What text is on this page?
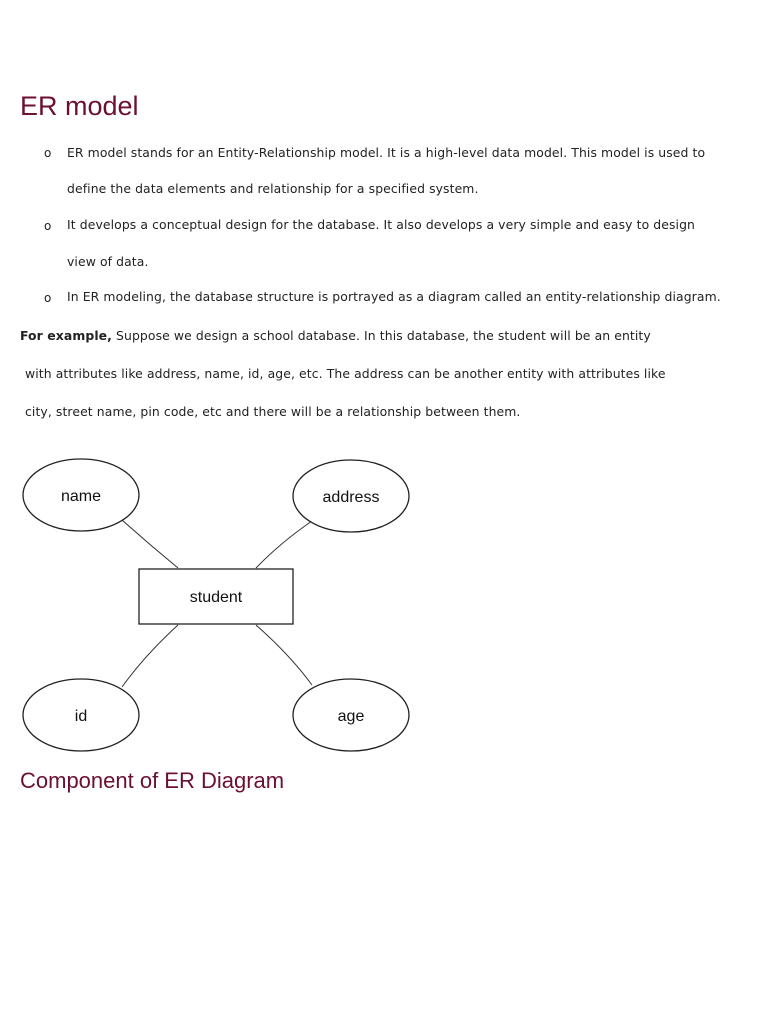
ER model
o ER model stands for an Entity-Relationship model. It is a high-level data model. This model is used to
define the data elements and relationship for a specified system.
o It develops a conceptual design for the database. It also develops a very simple and easy to design
view of data.
o In ER modeling, the database structure is portrayed as a diagram called an entity-relationship diagram.
For example, Suppose we design a school database. In this database, the student will be an entity
with attributes like address, name, id, age, etc. The address can be another entity with attributes like
city, street name, pin code, etc and there will be a relationship between them.
name	address
id	age
student
Component of ER Diagram
